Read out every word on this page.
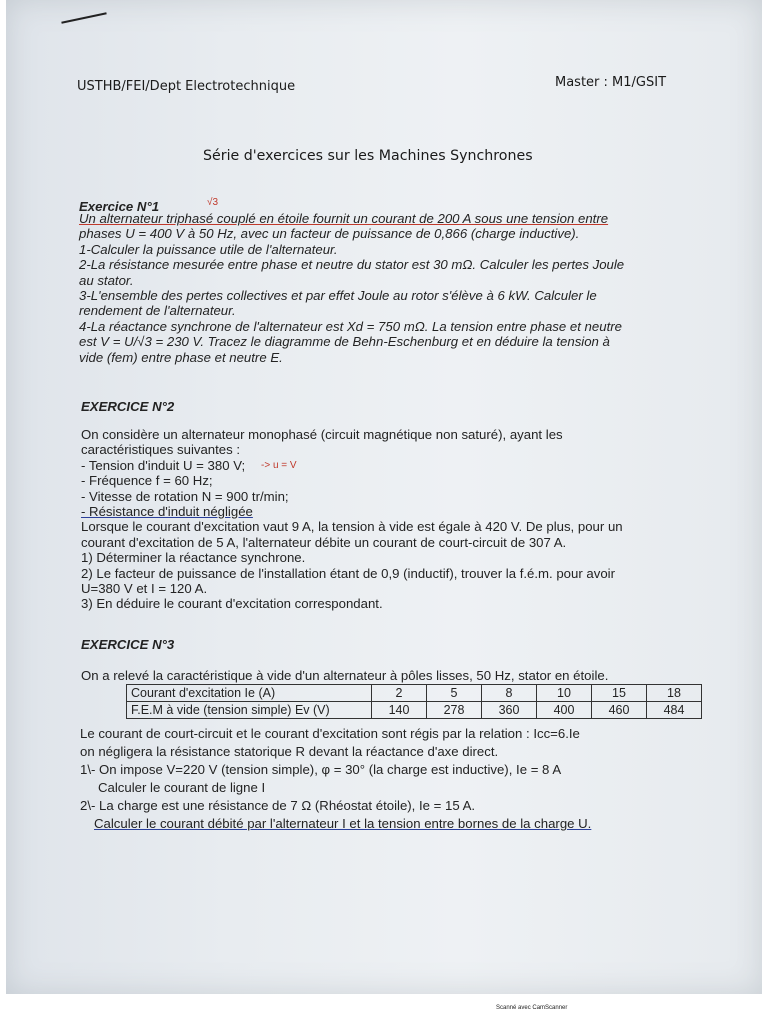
USTHB/FEI/Dept Electrotechnique	Master : M1/GSIT
Série d'exercices sur les Machines Synchrones
Exercice N°1	√3
Un alternateur triphasé couplé en étoile fournit un courant de 200 A sous une tension entre
phases U = 400 V à 50 Hz, avec un facteur de puissance de 0,866 (charge inductive).
1-Calculer la puissance utile de l'alternateur.
2-La résistance mesurée entre phase et neutre du stator est 30 mΩ. Calculer les pertes Joule
au stator.
3-L'ensemble des pertes collectives et par effet Joule au rotor s'élève à 6 kW. Calculer le
rendement de l'alternateur.
4-La réactance synchrone de l'alternateur est Xd = 750 mΩ. La tension entre phase et neutre
est V = U/√3 = 230 V. Tracez le diagramme de Behn-Eschenburg et en déduire la tension à
vide (fem) entre phase et neutre E.
EXERCICE N°2
-> u = V
On considère un alternateur monophasé (circuit magnétique non saturé), ayant les
caractéristiques suivantes :
- Tension d'induit U = 380 V;
- Fréquence f = 60 Hz;
- Vitesse de rotation N = 900 tr/min;
- Résistance d'induit négligée
Lorsque le courant d'excitation vaut 9 A, la tension à vide est égale à 420 V. De plus, pour un
courant d'excitation de 5 A, l'alternateur débite un courant de court-circuit de 307 A.
1) Déterminer la réactance synchrone.
2) Le facteur de puissance de l'installation étant de 0,9 (inductif), trouver la f.é.m. pour avoir
U=380 V et I = 120 A.
3) En déduire le courant d'excitation correspondant.
EXERCICE N°3
On a relevé la caractéristique à vide d'un alternateur à pôles lisses, 50 Hz, stator en étoile.
Courant d'excitation Ie (A)	2	5	8	10	15	18
F.E.M à vide (tension simple) Ev (V)	140	278	360	400	460	484
Le courant de court-circuit et le courant d'excitation sont régis par la relation : Icc=6.Ie
on négligera la résistance statorique R devant la réactance d'axe direct.
1\- On impose V=220 V (tension simple), φ = 30° (la charge est inductive), Ie = 8 A
Calculer le courant de ligne I
2\- La charge est une résistance de 7 Ω (Rhéostat étoile), Ie = 15 A.
Calculer le courant débité par l'alternateur I et la tension entre bornes de la charge U.
Scanné avec CamScanner
